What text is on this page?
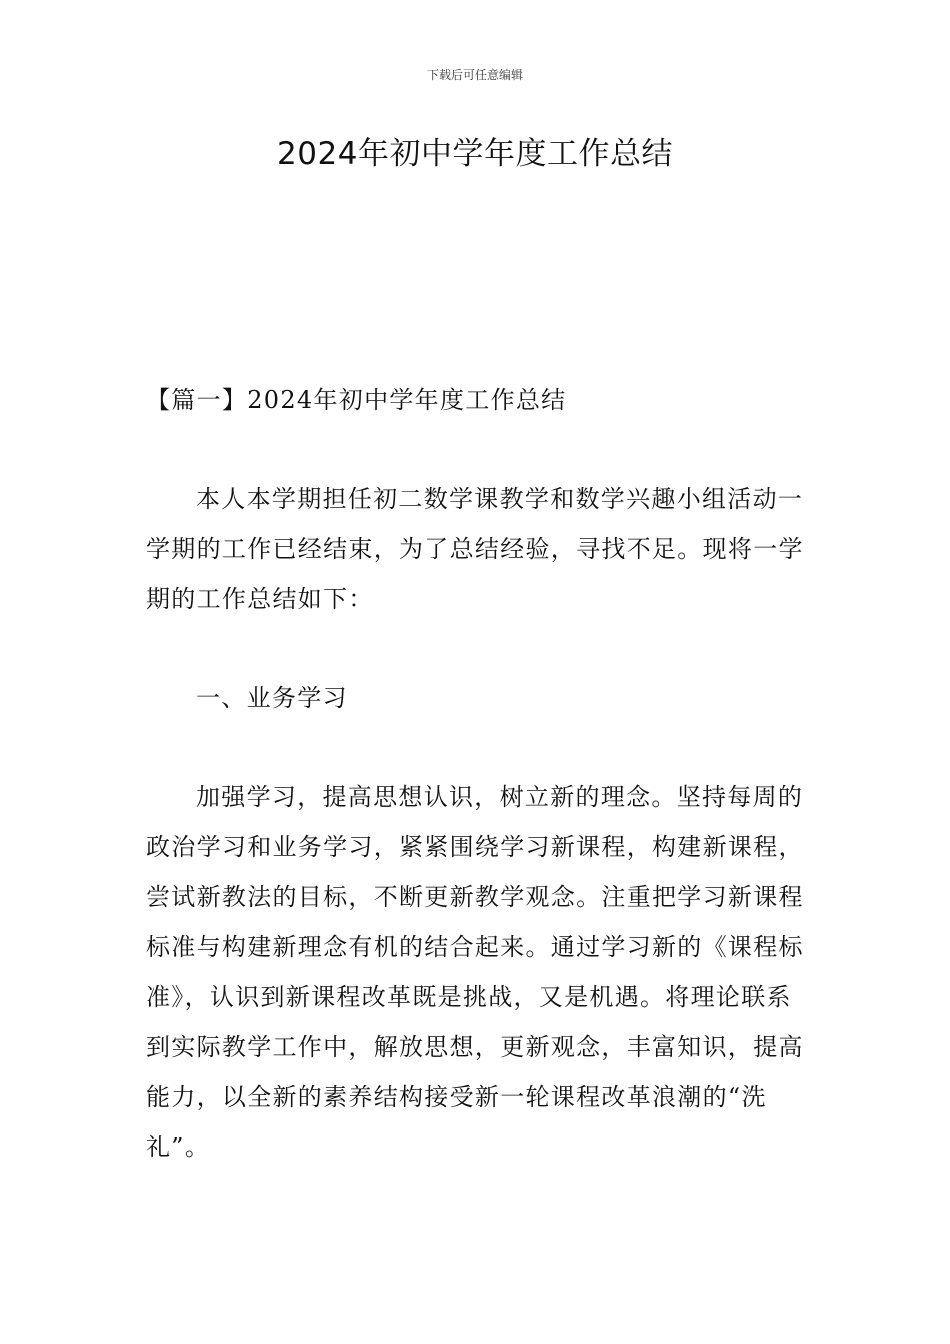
下载后可任意编辑
2024年初中学年度工作总结

【篇一】2024年初中学年度工作总结

本人本学期担任初二数学课教学和数学兴趣小组活动一学期的工作已经结束，为了总结经验，寻找不足。现将一学期的工作总结如下：

一、业务学习

加强学习，提高思想认识，树立新的理念。坚持每周的政治学习和业务学习，紧紧围绕学习新课程，构建新课程，尝试新教法的目标，不断更新教学观念。注重把学习新课程标准与构建新理念有机的结合起来。通过学习新的《课程标准》，认识到新课程改革既是挑战，又是机遇。将理论联系到实际教学工作中，解放思想，更新观念，丰富知识，提高能力，以全新的素养结构接受新一轮课程改革浪潮的“洗礼”。
